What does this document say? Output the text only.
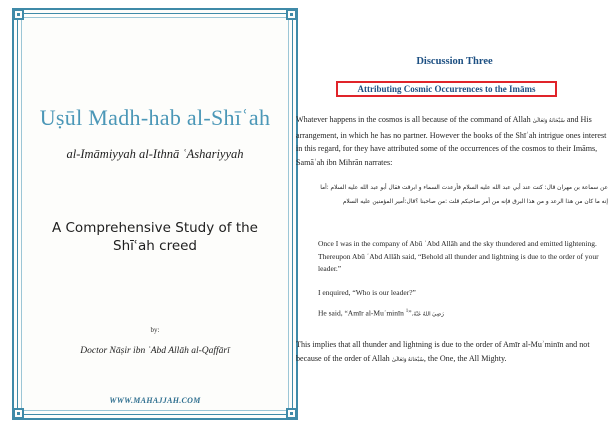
Uṣūl Madh-hab al-Shīʿah
al-Imāmiyyah al-Ithnā ʿAshariyyah
A Comprehensive Study of the Shīʿah creed
by:
Doctor Nāṣir ibn ʿAbd Allāh al-Qaffārī
WWW.MAHAJJAH.COM
Discussion Three
Attributing Cosmic Occurrences to the Imāms
Whatever happens in the cosmos is all because of the command of Allah سُبْحَانَهُ وَتَعَالَىٰ and His arrangement, in which he has no partner. However the books of the Shīʿah intrigue ones interest in this regard, for they have attributed some of the occurrences of the cosmos to their Imāms, Samāʿah ibn Mihrān narrates:
عن سماعة بن مهران قال: كنت عند أبي عبد الله عليه السلام فأرعدت السماء و ابرقت فقال أبو عبد الله عليه السلام :أما إنه ما كان من هذا الرعد و من هذا البرق فإنه من أمر صاحبكم قلت :من صاحبنا ؟قال:أمير المؤمنين عليه السلام
Once I was in the company of Abū ʿAbd Allāh and the sky thundered and emitted lightening. Thereupon Abū ʿAbd Allāh said, “Behold all thunder and lightning is due to the order of your leader.”
I enquired, “Who is our leader?”
He said, “Amīr al-Muʾminīn رَضِيَ اللهُ عَنْهُ.”$^1$
This implies that all thunder and lightning is due to the order of Amīr al-Muʾminīn and not because of the order of Allah سُبْحَانَهُ وَتَعَالَىٰ, the One, the All Mighty.
